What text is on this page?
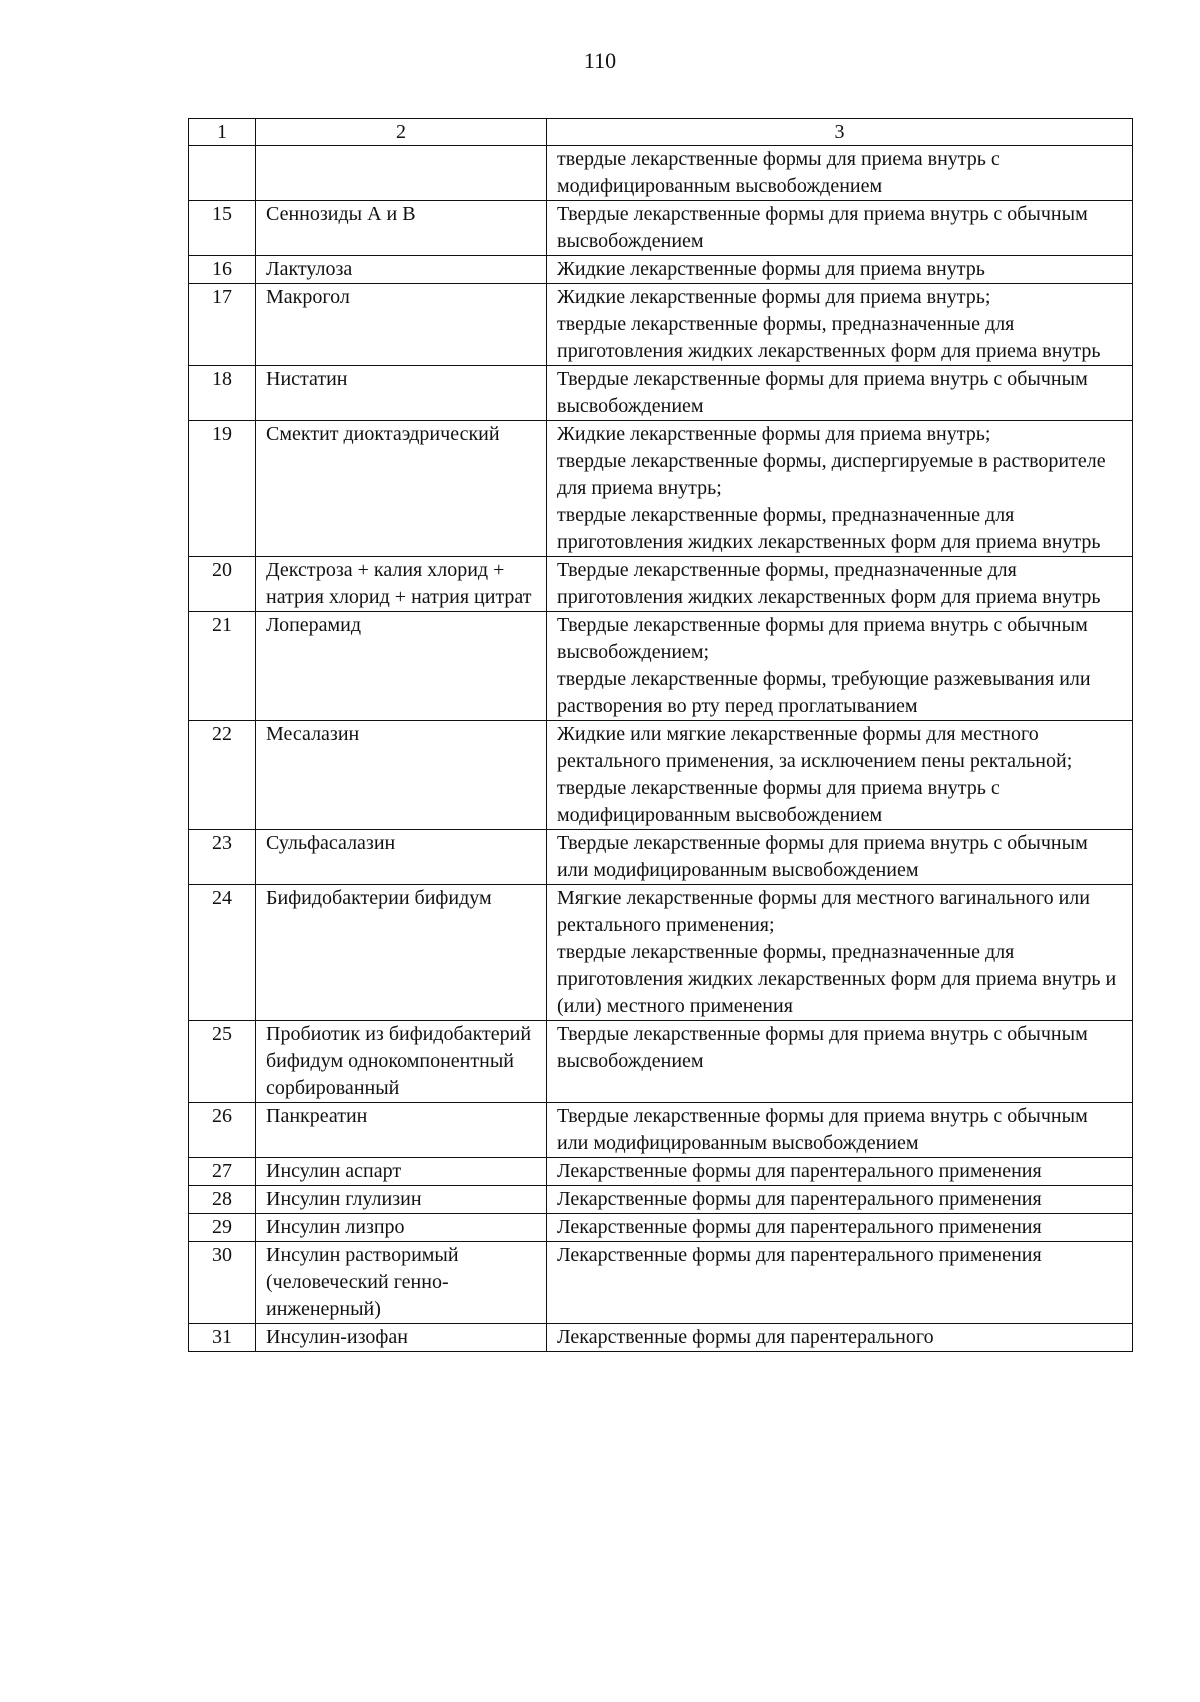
110
1	2	3
		твердые лекарственные формы для приема внутрь с модифицированным высвобождением
15	Сеннозиды А и В	Твердые лекарственные формы для приема внутрь с обычным высвобождением
16	Лактулоза	Жидкие лекарственные формы для приема внутрь
17	Макрогол	Жидкие лекарственные формы для приема внутрь;
твердые лекарственные формы, предназначенные для приготовления жидких лекарственных форм для приема внутрь
18	Нистатин	Твердые лекарственные формы для приема внутрь с обычным высвобождением
19	Смектит диоктаэдрический	Жидкие лекарственные формы для приема внутрь;
твердые лекарственные формы, диспергируемые в растворителе для приема внутрь;
твердые лекарственные формы, предназначенные для приготовления жидких лекарственных форм для приема внутрь
20	Декстроза + калия хлорид + натрия хлорид + натрия цитрат	Твердые лекарственные формы, предназначенные для приготовления жидких лекарственных форм для приема внутрь
21	Лоперамид	Твердые лекарственные формы для приема внутрь с обычным высвобождением;
твердые лекарственные формы, требующие разжевывания или растворения во рту перед проглатыванием
22	Месалазин	Жидкие или мягкие лекарственные формы для местного ректального применения, за исключением пены ректальной;
твердые лекарственные формы для приема внутрь с модифицированным высвобождением
23	Сульфасалазин	Твердые лекарственные формы для приема внутрь с обычным или модифицированным высвобождением
24	Бифидобактерии бифидум	Мягкие лекарственные формы для местного вагинального или ректального применения;
твердые лекарственные формы, предназначенные для приготовления жидких лекарственных форм для приема внутрь и (или) местного применения
25	Пробиотик из бифидобактерий бифидум однокомпонентный сорбированный	Твердые лекарственные формы для приема внутрь с обычным высвобождением
26	Панкреатин	Твердые лекарственные формы для приема внутрь с обычным или модифицированным высвобождением
27	Инсулин аспарт	Лекарственные формы для парентерального применения
28	Инсулин глулизин	Лекарственные формы для парентерального применения
29	Инсулин лизпро	Лекарственные формы для парентерального применения
30	Инсулин растворимый (человеческий генно-инженерный)	Лекарственные формы для парентерального применения
31	Инсулин-изофан	Лекарственные формы для парентерального
